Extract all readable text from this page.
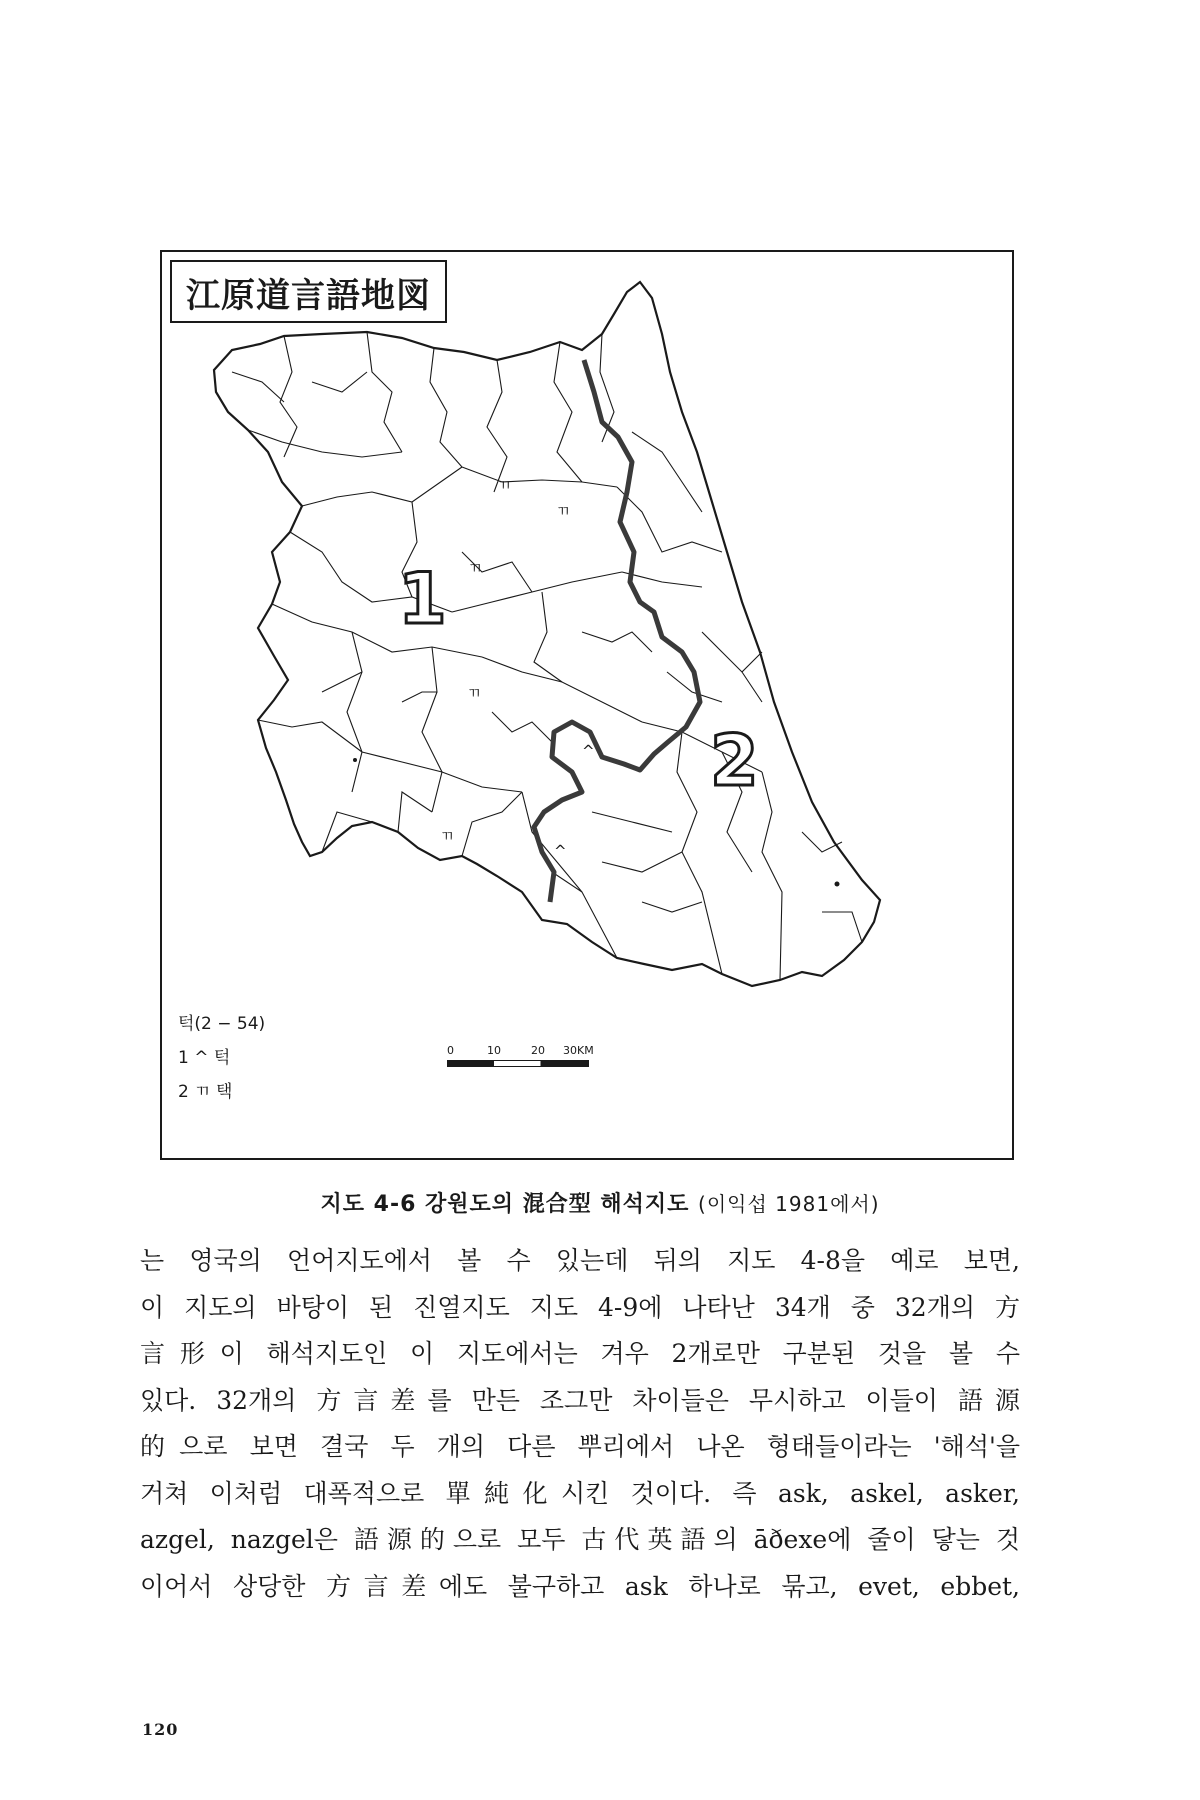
江原道言語地図
1
2
ㄲ
ㄲ
ㄲ
ㄲ
ㄲ
^
^
턱(2 − 54)
1 ^ 턱
2 ㄲ 택
0	10	20 30KM
지도 4-6 강원도의 混合型 해석지도 (이익섭 1981에서)
는 영국의 언어지도에서 볼 수 있는데 뒤의 지도 4-8을 예로 보면,
이 지도의 바탕이 된 진열지도 지도 4-9에 나타난 34개 중 32개의 方
言形이 해석지도인 이 지도에서는 겨우 2개로만 구분된 것을 볼 수
있다. 32개의 方言差를 만든 조그만 차이들은 무시하고 이들이 語源
的으로 보면 결국 두 개의 다른 뿌리에서 나온 형태들이라는 '해석'을
거쳐 이처럼 대폭적으로 單純化시킨 것이다. 즉 ask, askel, asker,
azgel, nazgel은 語源的으로 모두 古代英語의 āðexe에 줄이 닿는 것
이어서 상당한 方言差에도 불구하고 ask 하나로 묶고, evet, ebbet,
120
